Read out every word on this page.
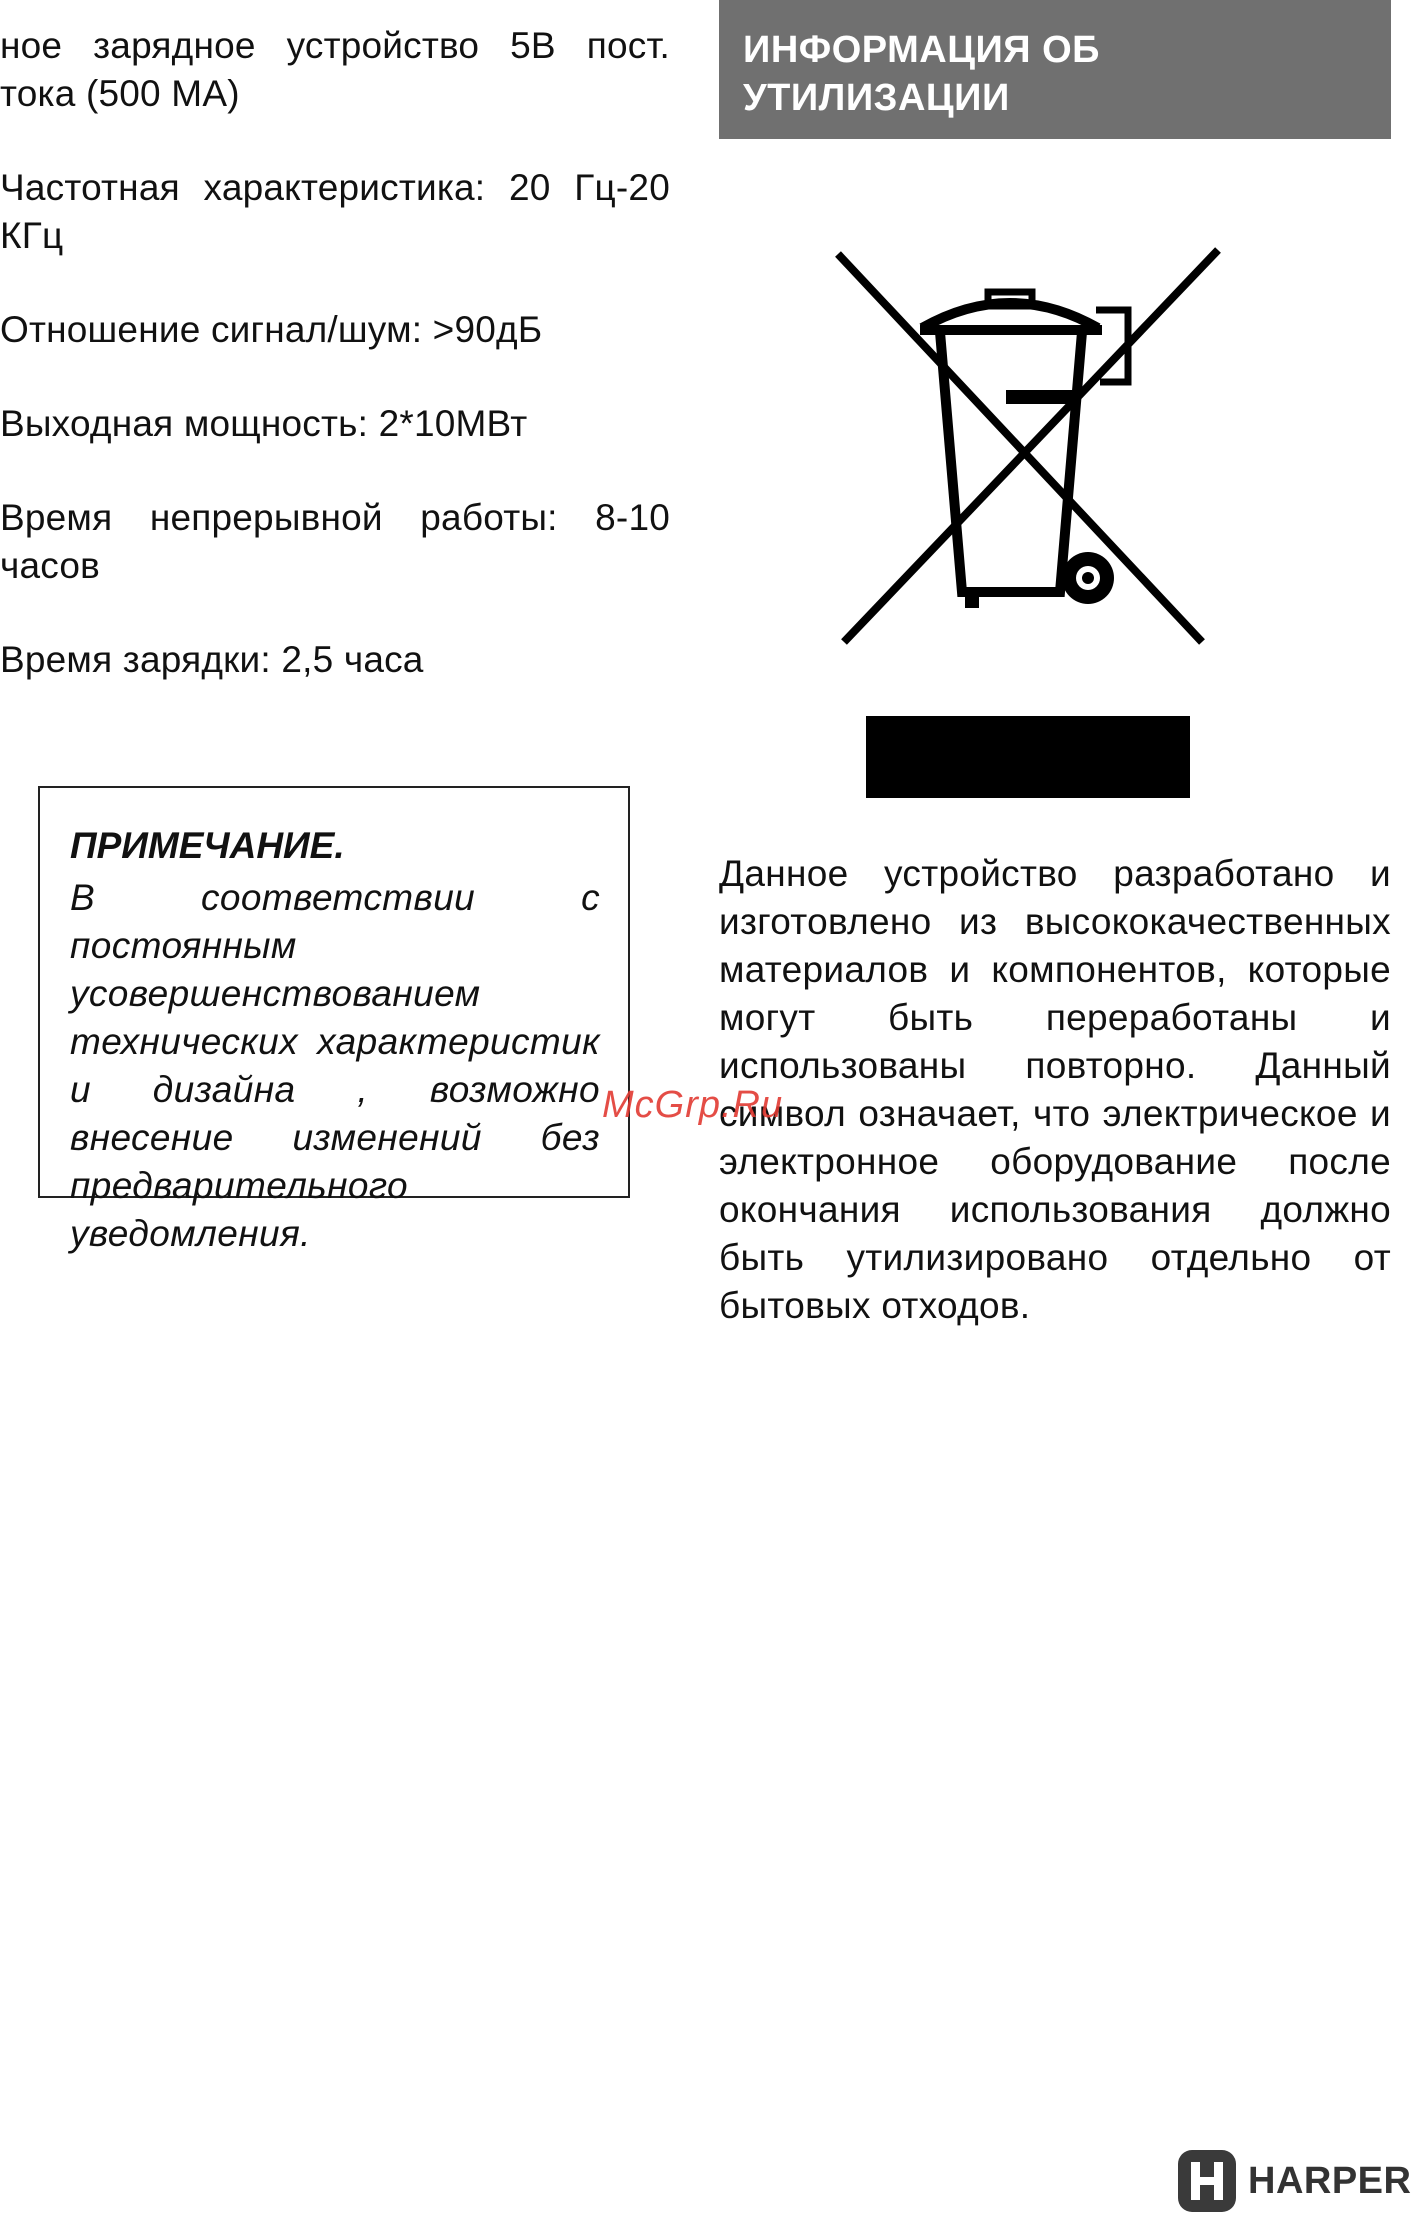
ное зарядное устройство 5В пост. тока (500 МА)

Частотная характеристика: 20 Гц-20 КГц

Отношение сигнал/шум: >90дБ

Выходная мощность: 2*10МВт

Время непрерывной работы: 8-10 часов

Время зарядки: 2,5 часа

ПРИМЕЧАНИЕ.

В соответствии с постоянным усовершенствованием технических характеристик и дизайна , возможно внесение изменений без предварительного уведомления.

ИНФОРМАЦИЯ ОБ УТИЛИЗАЦИИ

Данное устройство разработано и изготовлено из высококачественных материалов и компонентов, которые могут быть переработаны и использованы повторно. Данный символ означает, что электрическое и электронное оборудование после окончания использования должно быть утилизировано отдельно от бытовых отходов.

McGrp.Ru
HARPER
